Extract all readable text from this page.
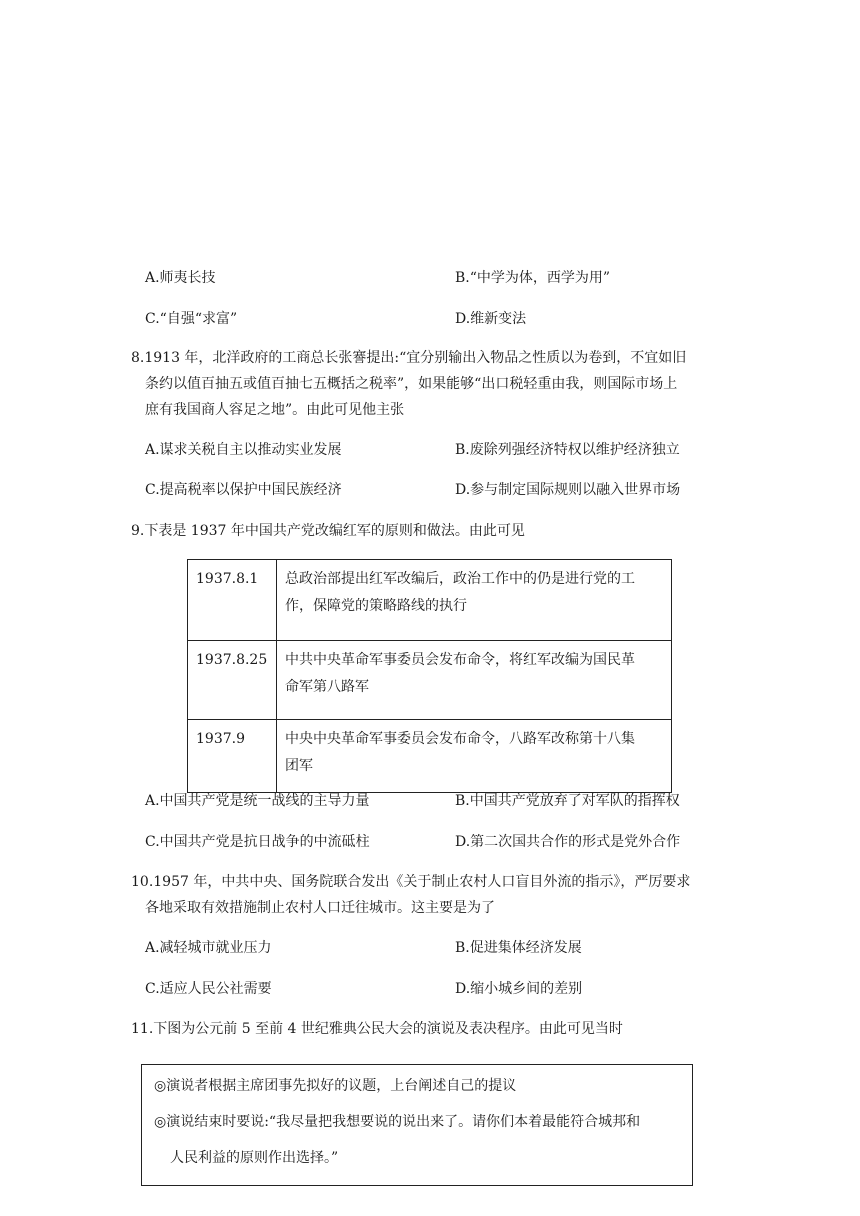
A.师夷长技	B.“中学为体，西学为用”
C.“自强“求富”	D.维新变法
8.1913 年，北洋政府的工商总长张謇提出:“宜分别输出入物品之性质以为卷到，不宜如旧
条约以值百抽五或值百抽七五概括之税率”，如果能够“出口税轻重由我，则国际市场上
庶有我国商人容足之地”。由此可见他主张
A.谋求关税自主以推动实业发展	B.废除列强经济特权以维护经济独立
C.提高税率以保护中国民族经济	D.参与制定国际规则以融入世界市场
9.下表是 1937 年中国共产党改编红军的原则和做法。由此可见
1937.8.1	总政治部提出红军改编后，政治工作中的仍是进行党的工
作，保障党的策略路线的执行

1937.8.25	中共中央革命军事委员会发布命令，将红军改编为国民革
命军第八路军

1937.9	中央中央革命军事委员会发布命令，八路军改称第十八集
团军
A.中国共产党是统一战线的主导力量	B.中国共产党放弃了对军队的指挥权
C.中国共产党是抗日战争的中流砥柱	D.第二次国共合作的形式是党外合作
10.1957 年，中共中央、国务院联合发出《关于制止农村人口盲目外流的指示》，严厉要求
各地采取有效措施制止农村人口迁往城市。这主要是为了
A.减轻城市就业压力	B.促进集体经济发展
C.适应人民公社需要	D.缩小城乡间的差别
11.下图为公元前 5 至前 4 世纪雅典公民大会的演说及表决程序。由此可见当时
◎演说者根据主席团事先拟好的议题，上台阐述自己的提议
◎演说结束时要说:“我尽量把我想要说的说出来了。请你们本着最能符合城邦和
人民利益的原则作出选择。”
